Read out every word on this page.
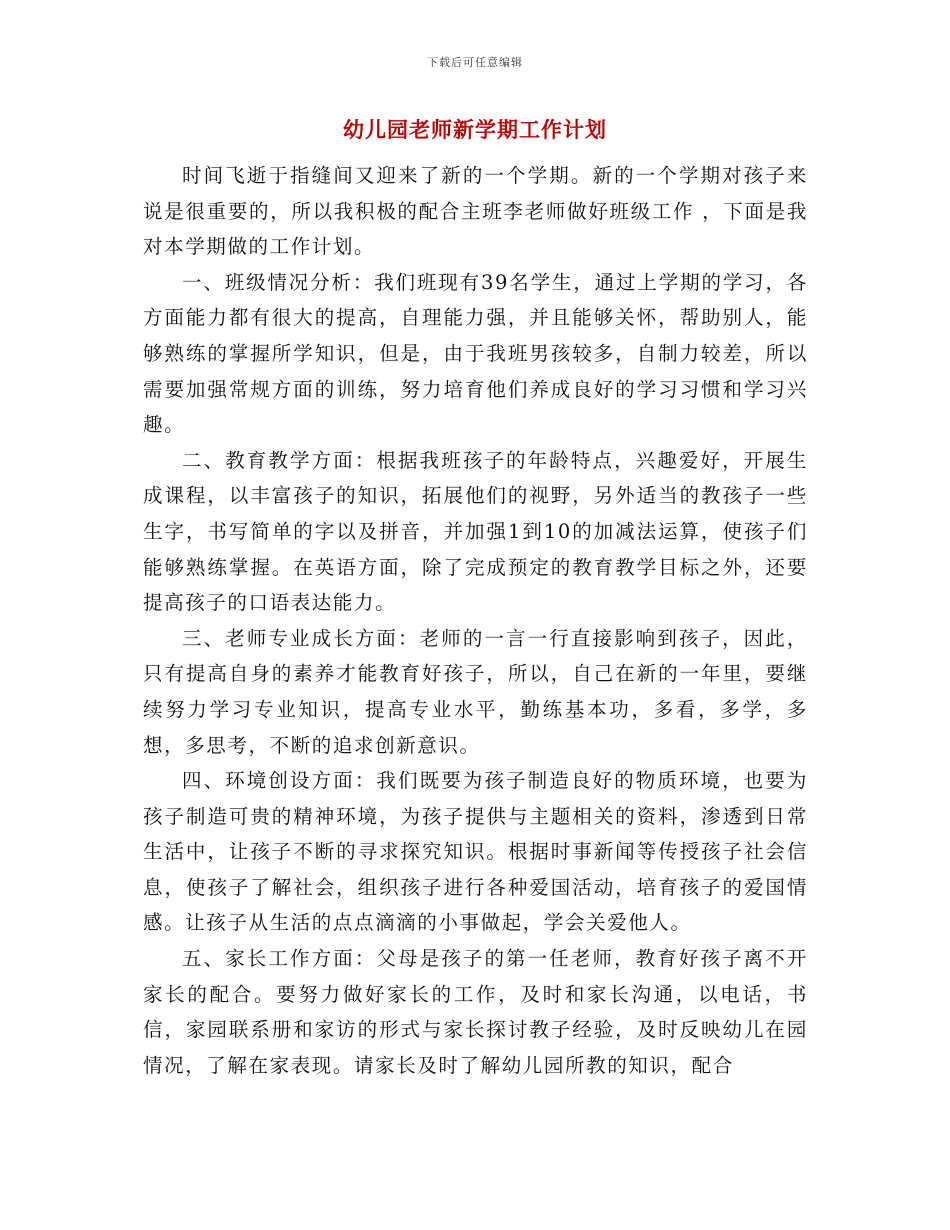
下载后可任意编辑
幼儿园老师新学期工作计划

时间飞逝于指缝间又迎来了新的一个学期。新的一个学期对孩子来说是很重要的，所以我积极的配合主班李老师做好班级工作 ，下面是我对本学期做的工作计划。

一、班级情况分析：我们班现有39名学生，通过上学期的学习，各方面能力都有很大的提高，自理能力强，并且能够关怀，帮助别人，能够熟练的掌握所学知识，但是，由于我班男孩较多，自制力较差，所以需要加强常规方面的训练，努力培育他们养成良好的学习习惯和学习兴趣。

二、教育教学方面：根据我班孩子的年龄特点，兴趣爱好，开展生成课程，以丰富孩子的知识，拓展他们的视野，另外适当的教孩子一些生字，书写简单的字以及拼音，并加强1到10的加减法运算，使孩子们能够熟练掌握。在英语方面，除了完成预定的教育教学目标之外，还要提高孩子的口语表达能力。

三、老师专业成长方面：老师的一言一行直接影响到孩子，因此，只有提高自身的素养才能教育好孩子，所以，自己在新的一年里，要继续努力学习专业知识，提高专业水平，勤练基本功，多看，多学，多想，多思考，不断的追求创新意识。

四、环境创设方面：我们既要为孩子制造良好的物质环境，也要为孩子制造可贵的精神环境，为孩子提供与主题相关的资料，渗透到日常生活中，让孩子不断的寻求探究知识。根据时事新闻等传授孩子社会信息，使孩子了解社会，组织孩子进行各种爱国活动，培育孩子的爱国情感。让孩子从生活的点点滴滴的小事做起，学会关爱他人。

五、家长工作方面：父母是孩子的第一任老师，教育好孩子离不开家长的配合。要努力做好家长的工作，及时和家长沟通，以电话，书信，家园联系册和家访的形式与家长探讨教子经验，及时反映幼儿在园情况，了解在家表现。请家长及时了解幼儿园所教的知识，配合
